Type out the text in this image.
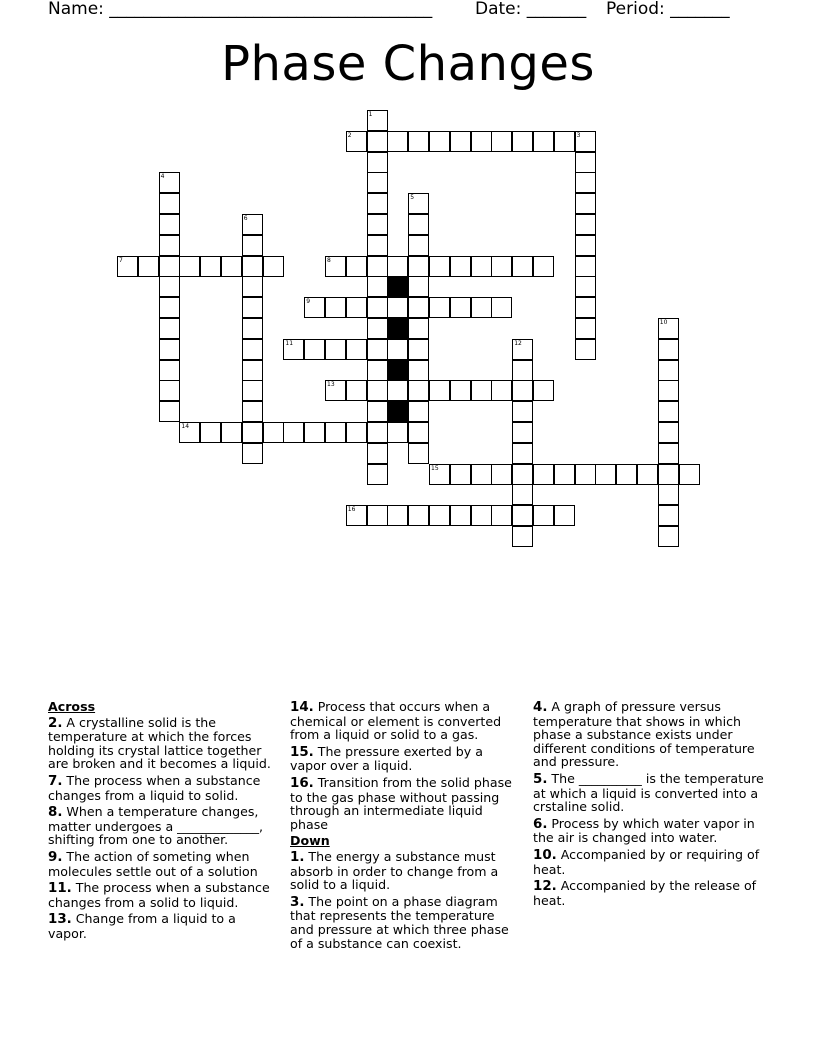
Name: ______________________________________	Date: _______ Period: _______
Phase Changes
1
2	3
4
5
6
7	8
9
10
11	12
13
14
15
16
Across
2. A crystalline solid is the temperature at which the forces holding its crystal lattice together are broken and it becomes a liquid.
7. The process when a substance changes from a liquid to solid.
8. When a temperature changes, matter undergoes a _____________, shifting from one to another.
9. The action of someting when molecules settle out of a solution
11. The process when a substance changes from a solid to liquid.
13. Change from a liquid to a vapor.
14. Process that occurs when a chemical or element is converted from a liquid or solid to a gas.
15. The pressure exerted by a vapor over a liquid.
16. Transition from the solid phase to the gas phase without passing through an intermediate liquid phase
Down
1. The energy a substance must absorb in order to change from a solid to a liquid.
3. The point on a phase diagram that represents the temperature and pressure at which three phase of a substance can coexist.
4. A graph of pressure versus temperature that shows in which phase a substance exists under different conditions of temperature and pressure.
5. The __________ is the temperature at which a liquid is converted into a crstaline solid.
6. Process by which water vapor in the air is changed into water.
10. Accompanied by or requiring of heat.
12. Accompanied by the release of heat.
